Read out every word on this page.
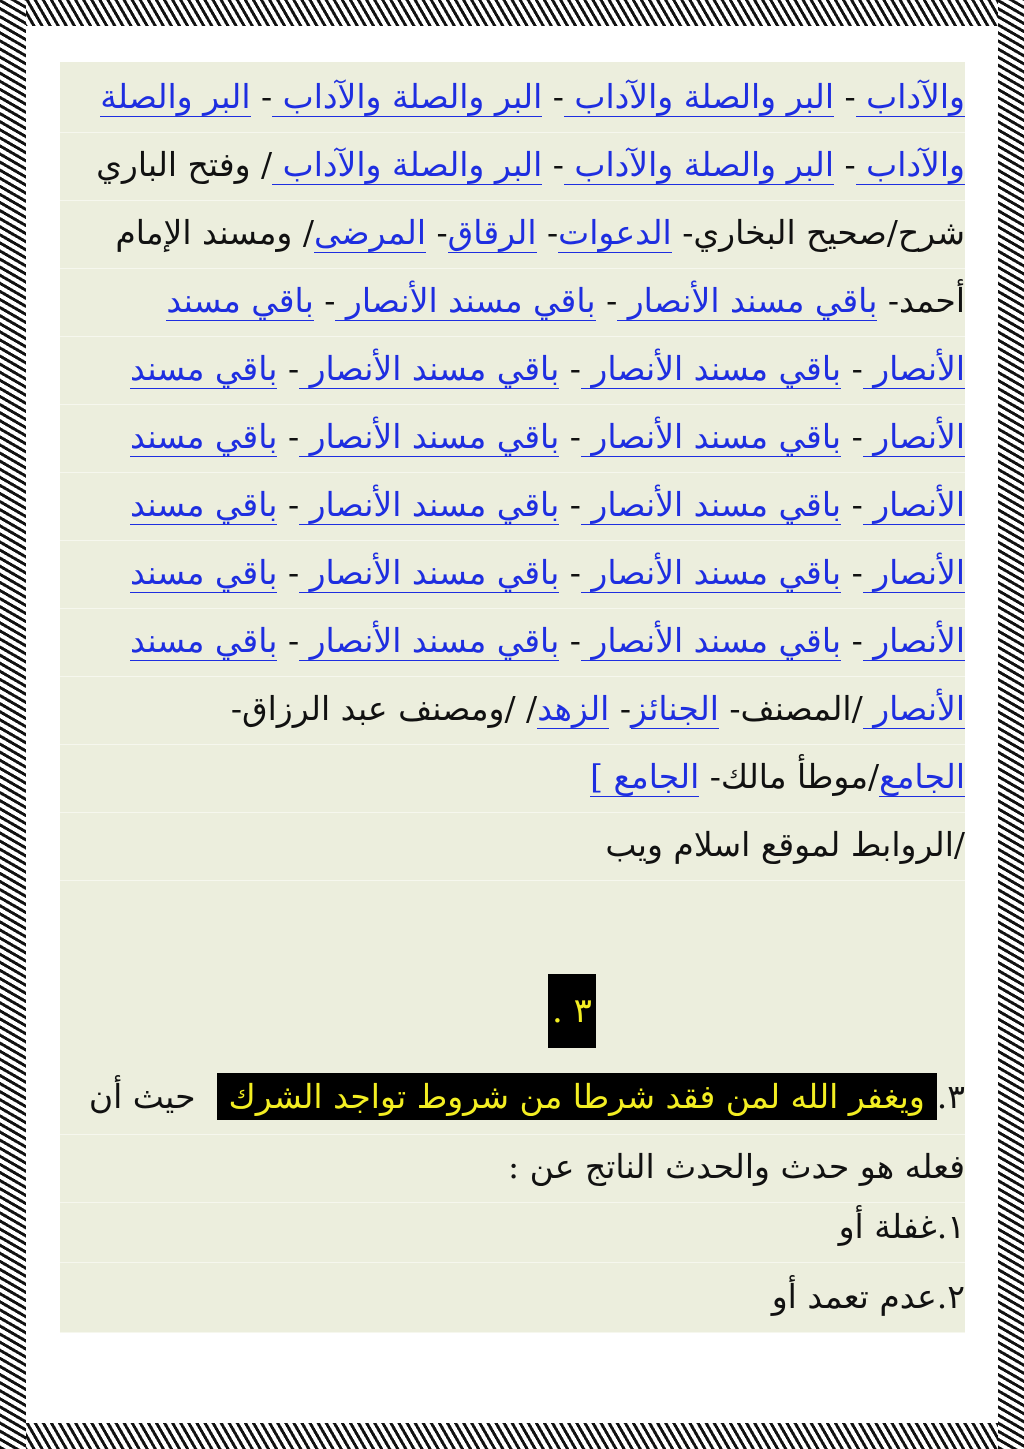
والآداب - البر والصلة والآداب - البر والصلة والآداب - البر والصلة
والآداب - البر والصلة والآداب - البر والصلة والآداب / وفتح الباري
شرح/صحيح البخاري- الدعوات- الرقاق- المرضى/ ومسند الإمام
أحمد- باقي مسند الأنصار - باقي مسند الأنصار - باقي مسند
الأنصار - باقي مسند الأنصار - باقي مسند الأنصار - باقي مسند
الأنصار - باقي مسند الأنصار - باقي مسند الأنصار - باقي مسند
الأنصار - باقي مسند الأنصار - باقي مسند الأنصار - باقي مسند
الأنصار - باقي مسند الأنصار - باقي مسند الأنصار - باقي مسند
الأنصار - باقي مسند الأنصار - باقي مسند الأنصار - باقي مسند
الأنصار /المصنف- الجنائز- الزهد/ /ومصنف عبد الرزاق-
الجامع/موطأ مالك- الجامع ]
/الروابط لموقع اسلام ويب
٣ .
٣.ويغفر الله لمن فقد شرطا من شروط تواجد الشرك  حيث أن
فعله هو حدث والحدث الناتج عن :
١.غفلة أو
٢.عدم تعمد أو
